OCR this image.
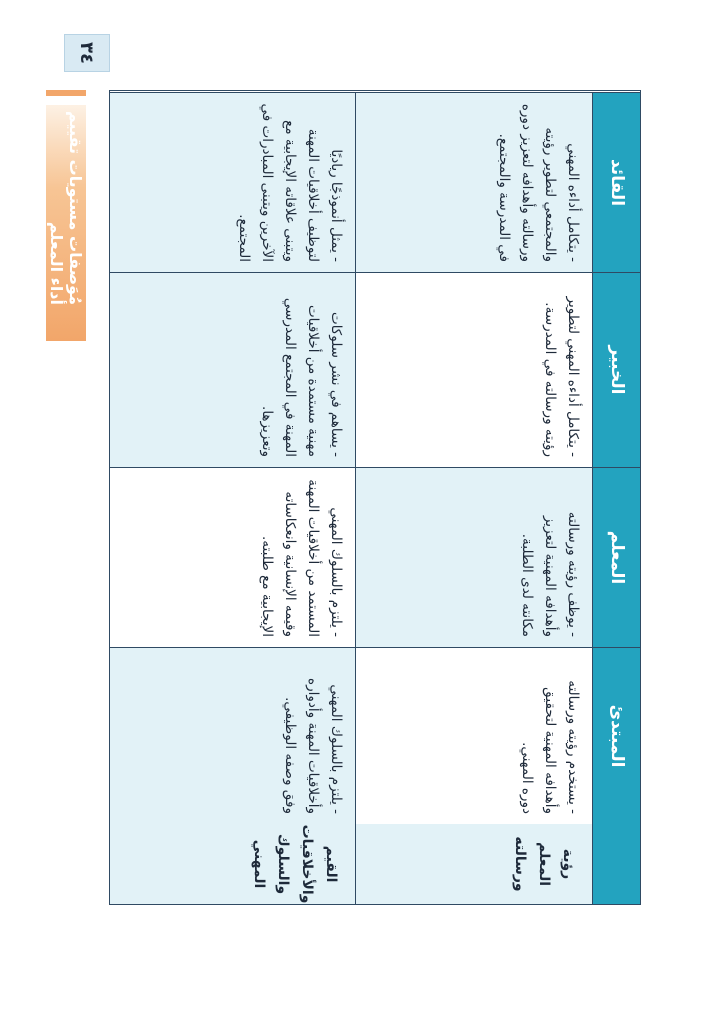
رؤية المعلم ورسالته
القيم والأخلاقيات والسلوك المهني
المبتدئ
- يستخدم رؤيته ورسالته وأهدافه المهنية لتحقيق دوره المهني.
- يلتزم بالسلوك المهني وأخلاقيات المهنة وأدواره وفق وصفه الوظيفي.
المعلم
- يوظف رؤيته ورسالته وأهدافه المهنية لتعزيز مكانته لدى الطلبة.
- يلتزم بالسلوك المهني المستمد من أخلاقيات المهنة وقيمه الإنسانية وانعكاساته الإيجابية مع طلبته.
الخبير
- يتكامل أداءه المهني لتطوير رؤيته ورسالته في المدرسة.
- يساهم في نشر سلوكات مهنية مستمدة من أخلاقيات المهنة في المجتمع المدرسي وتعزيزها.
القائد
- يتكامل أداءه المهني والمجتمعي لتطوير رؤيته ورسالته وأهدافه لتعزيز دوره في المدرسة والمجتمع.
- يمثل أنموذجًا رياديًا لتوظيف أخلاقيات المهنة ويتبنى علاقاته الإيجابية مع الآخرين ويتبنى المبادرات في المجتمع.
مُوَصفات مستويات تقييم أداء المعلم
٣٤
